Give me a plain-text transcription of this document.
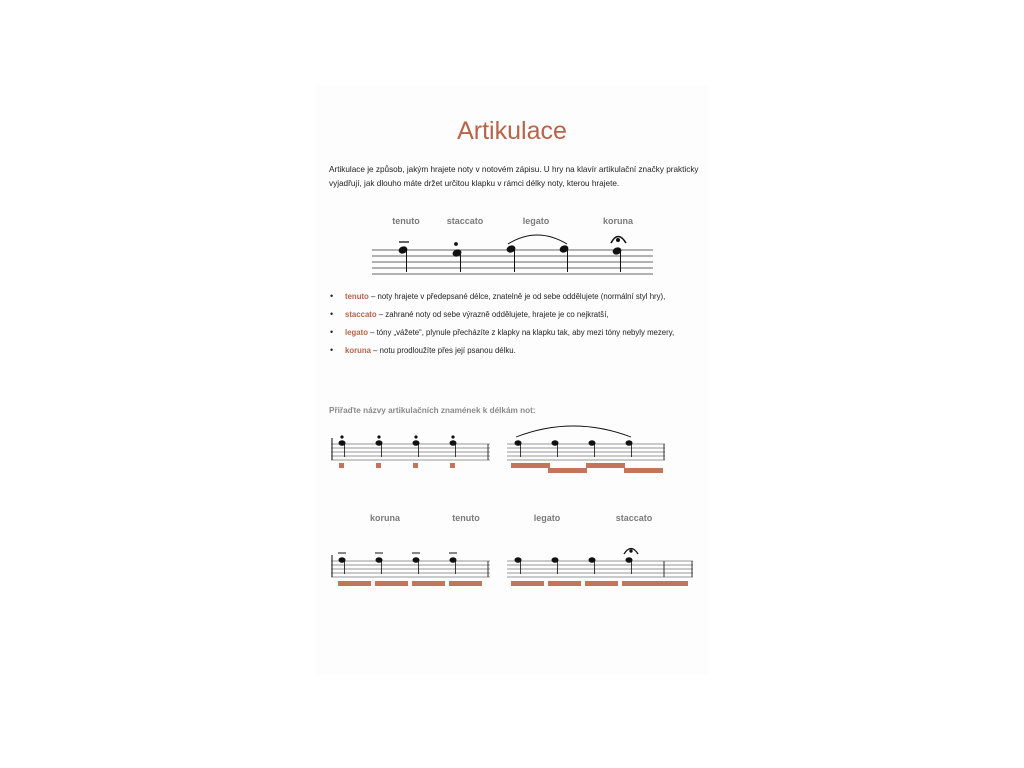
Artikulace
Artikulace je způsob, jakým hrajete noty v notovém zápisu. U hry na klavír artikulační značky prakticky vyjadřují, jak dlouho máte držet určitou klapku v rámci délky noty, kterou hrajete.
tenuto	staccato	legato	koruna
• tenuto – noty hrajete v předepsané délce, znatelně je od sebe oddělujete (normální styl hry),
• staccato – zahrané noty od sebe výrazně oddělujete, hrajete je co nejkratší,
• legato – tóny „vážete“, plynule přecházíte z klapky na klapku tak, aby mezi tóny nebyly mezery,
• koruna – notu prodloužíte přes její psanou délku.
Přiřaďte názvy artikulačních znamének k délkám not:
koruna	tenuto	legato	staccato
